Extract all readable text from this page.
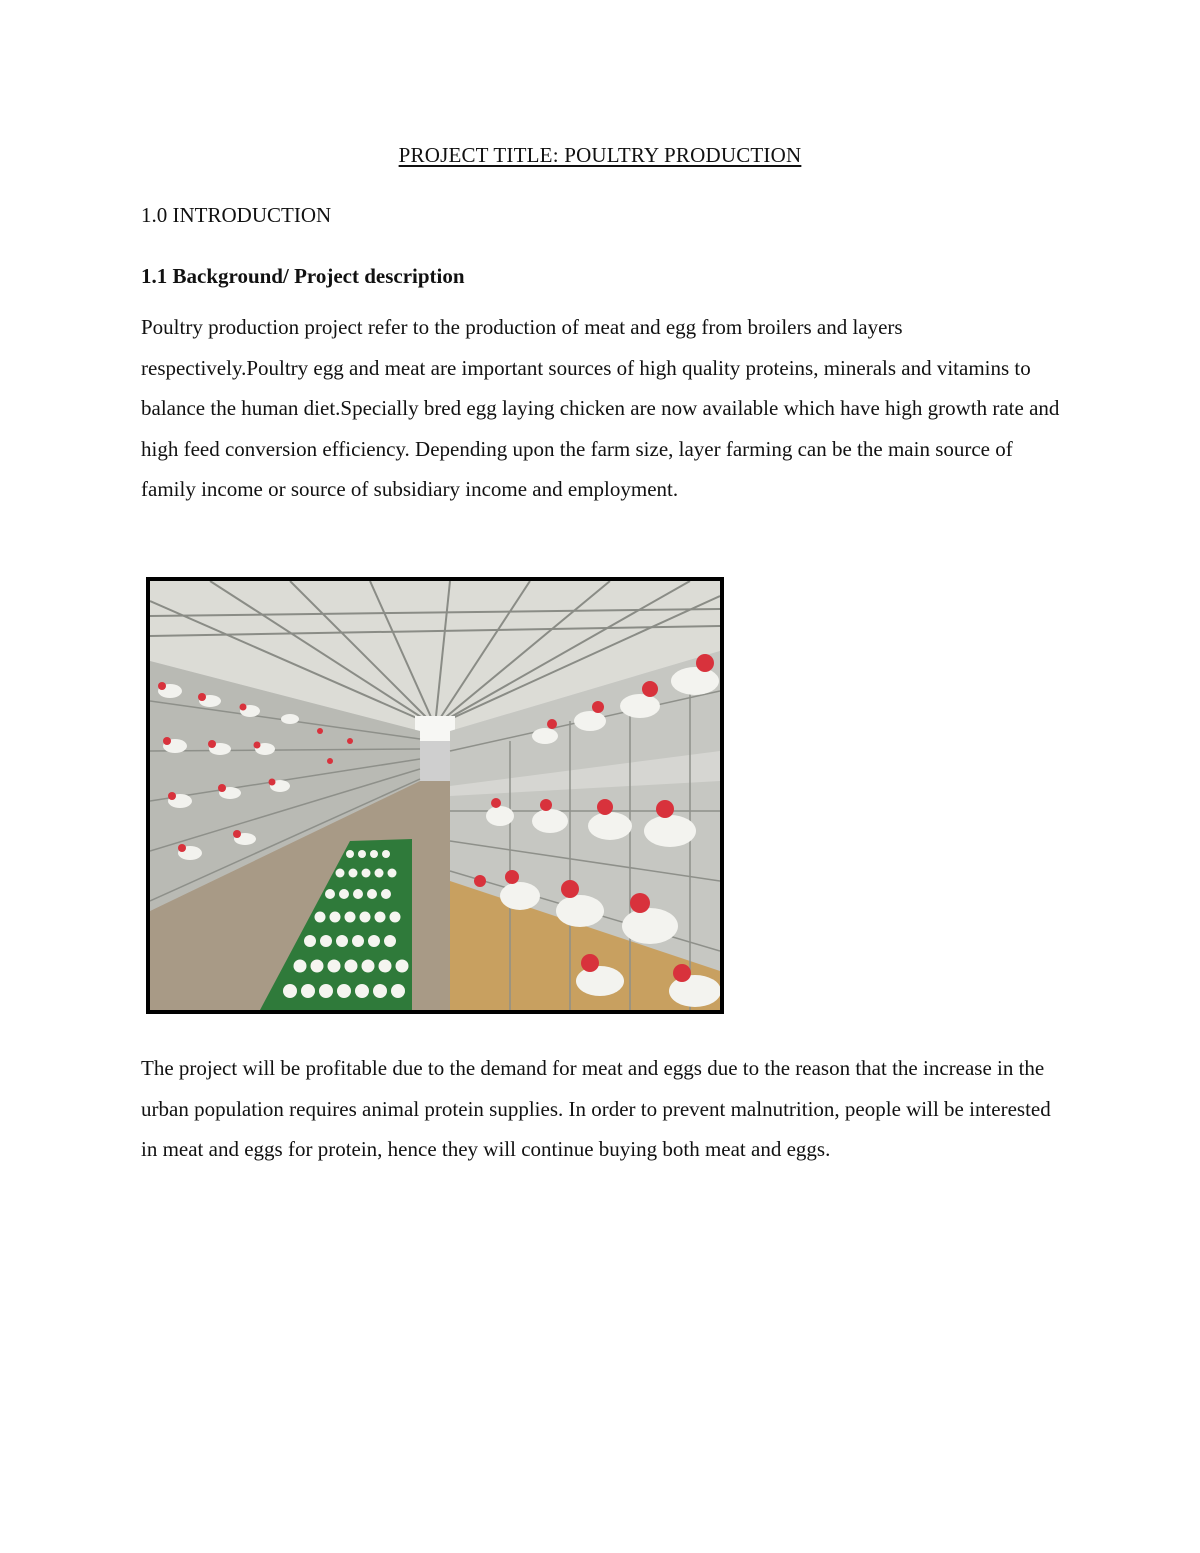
PROJECT TITLE: POULTRY PRODUCTION
1.0 INTRODUCTION
1.1 Background/ Project description

Poultry production project refer to the production of meat and egg from broilers and layers respectively.Poultry egg and meat are important sources of high quality proteins, minerals and vitamins to balance the human diet.Specially bred egg laying chicken are now available which have high growth rate and high feed conversion efficiency. Depending upon the farm size, layer farming can be the main source of family income or source of subsidiary income and employment.

The project will be profitable due to the demand for meat and eggs due to the reason that the increase in the urban population requires animal protein supplies. In order to prevent malnutrition, people will be interested in meat and eggs for protein, hence they will continue buying both meat and eggs.
